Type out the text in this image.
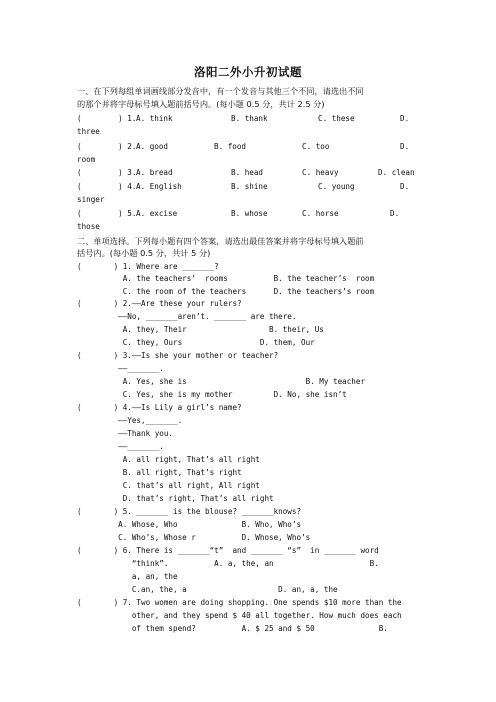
洛阳二外小升初试题
一、在下列每组单词画线部分发音中，有一个发音与其他三个不同，请选出不同
的那个并将字母标号填入题前括号内。(每小题 0.5 分，共计 2.5 分)
(        ) 1. A. think	B. thank	C. these	D.
three
(        ) 2. A. good	B. food	C. too	D.
room
(        ) 3. A. bread	B. head	C. heavy	D. clean
(        ) 4. A. English	B. shine	C. young	D.
singer
(        ) 5. A. excise	B. whose	C. horse	D.
those
二、单项选择。下列每小题有四个答案，请选出最佳答案并将字母标号填入题前
括号内。(每小题 0.5 分，共计 5 分)
(       ) 1. Where are _______?
A. the teachers’  rooms          B. the teacher’s  room
C. the room of the teachers      D. the teachers’s room
(       ) 2.——Are these your rulers?
——No, _______aren’t. _______ are there.
A. they, Their                  B. their, Us
C. they, Ours                 D. them, Our
(       ) 3.——Is she your mother or teacher?
——_______.
A. Yes, she is                          B. My teacher
C. Yes, she is my mother         D. No, she isn’t
(       ) 4.——Is Lily a girl’s name?
——Yes,_______.
——Thank you.
——_______.
A. all right, That’s all right
B. all right, That’s right
C. that’s all right, All right
D. that’s right, That’s all right
(       ) 5. _______ is the blouse? _______knows?
A. Whose, Who              B. Who, Who’s
C. Who’s, Whose r          D. Whose, Who’s
(       ) 6. There is _______“t”  and _______ “s”  in _______ word
“think”.          A. a, the, an                     B.
a, an, the
C.an, the, a                    D. an, a, the
(       ) 7. Two women are doing shopping. One spends $10 more than the
other, and they spend $ 40 all together. How much does each
of them spend?          A. $ 25 and $ 50              B.
